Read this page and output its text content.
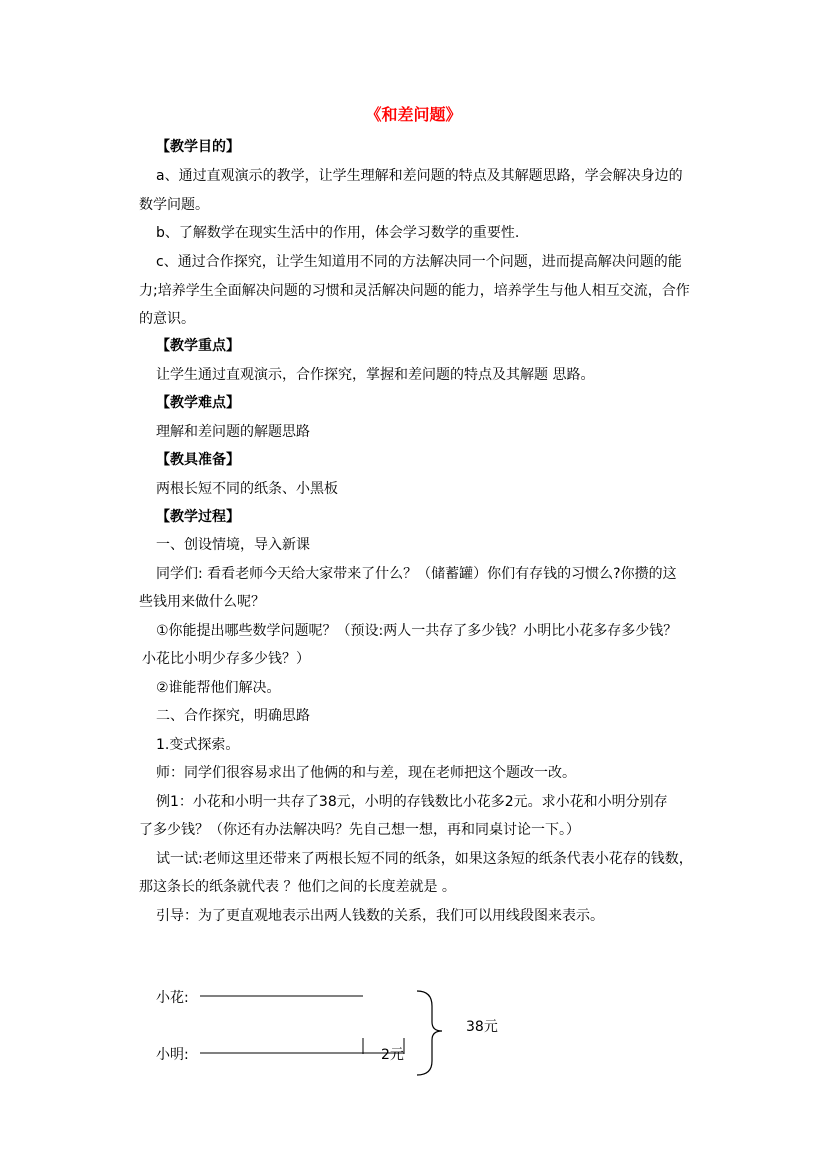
《和差问题》
【教学目的】
a、通过直观演示的教学，让学生理解和差问题的特点及其解题思路，学会解决身边的
数学问题。
b、了解数学在现实生活中的作用，体会学习数学的重要性.
c、通过合作探究，让学生知道用不同的方法解决同一个问题，进而提高解决问题的能
力;培养学生全面解决问题的习惯和灵活解决问题的能力，培养学生与他人相互交流，合作
的意识。
【教学重点】
让学生通过直观演示，合作探究，掌握和差问题的特点及其解题 思路。
【教学难点】
理解和差问题的解题思路
【教具准备】
两根长短不同的纸条、小黑板
【教学过程】
一、创设情境，导入新课
同学们: 看看老师今天给大家带来了什么？（储蓄罐）你们有存钱的习惯么?你攒的这
些钱用来做什么呢？
①你能提出哪些数学问题呢？（预设:两人一共存了多少钱？小明比小花多存多少钱？
小花比小明少存多少钱？）
②谁能帮他们解决。
二、合作探究，明确思路
1.变式探索。
师：同学们很容易求出了他俩的和与差，现在老师把这个题改一改。
例1：小花和小明一共存了38元，小明的存钱数比小花多2元。求小花和小明分别存
了多少钱？（你还有办法解决吗？先自己想一想，再和同桌讨论一下。）
试一试:老师这里还带来了两根长短不同的纸条，如果这条短的纸条代表小花存的钱数，
那这条长的纸条就代表 ？他们之间的长度差就是 。
引导：为了更直观地表示出两人钱数的关系，我们可以用线段图来表示。
小花:
小明:
38元
2元
